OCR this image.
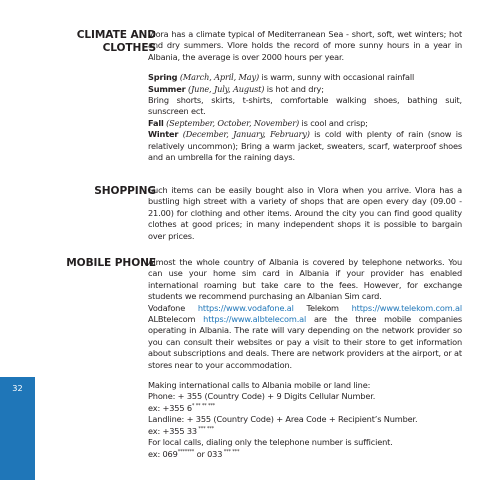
CLIMATE AND
CLOTHES

Vlora has a climate typical of Mediterranean Sea - short, soft, wet winters; hot and dry summers. Vlore holds the record of more sunny hours in a year in Albania, the average is over 2000 hours per year.

Spring (March, April, May) is warm, sunny with occasional rainfall

Summer (June, July, August) is hot and dry;

Bring shorts, skirts, t-shirts, comfortable walking shoes, bathing suit, sunscreen ect.

Fall (September, October, November) is cool and crisp;

Winter (December, January, February) is cold with plenty of rain (snow is relatively uncommon); Bring a warm jacket, sweaters, scarf, waterproof shoes and an umbrella for the raining days.

SHOPPING

Such items can be easily bought also in Vlora when you arrive. Vlora has a bustling high street with a variety of shops that are open every day (09.00 - 21.00) for clothing and other items. Around the city you can find good quality clothes at good prices; in many independent shops it is possible to bargain over prices.

MOBILE PHONE

Almost the whole country of Albania is covered by telephone networks. You can use your home sim card in Albania if your provider has enabled international roaming but take care to the fees. However, for exchange students we recommend purchasing an Albanian Sim card.

Vodafone https://www.vodafone.al Telekom https://www.telekom.com.al ALBtelecom https://www.albtelecom.al are the three mobile companies operating in Albania. The rate will vary depending on the network provider so you can consult their websites or pay a visit to their store to get information about subscriptions and deals. There are network providers at the airport, or at stores near to your accommodation.

Making international calls to Albania mobile or land line:

Phone: + 355 (Country Code) + 9 Digits Cellular Number.

ex: +355 6* ** ** ***

Landline: + 355 (Country Code) + Area Code + Recipient’s Number.

ex: +355 33 *** ***

For local calls, dialing only the telephone number is sufficient.

ex: 069******* or 033 *** ***

32
